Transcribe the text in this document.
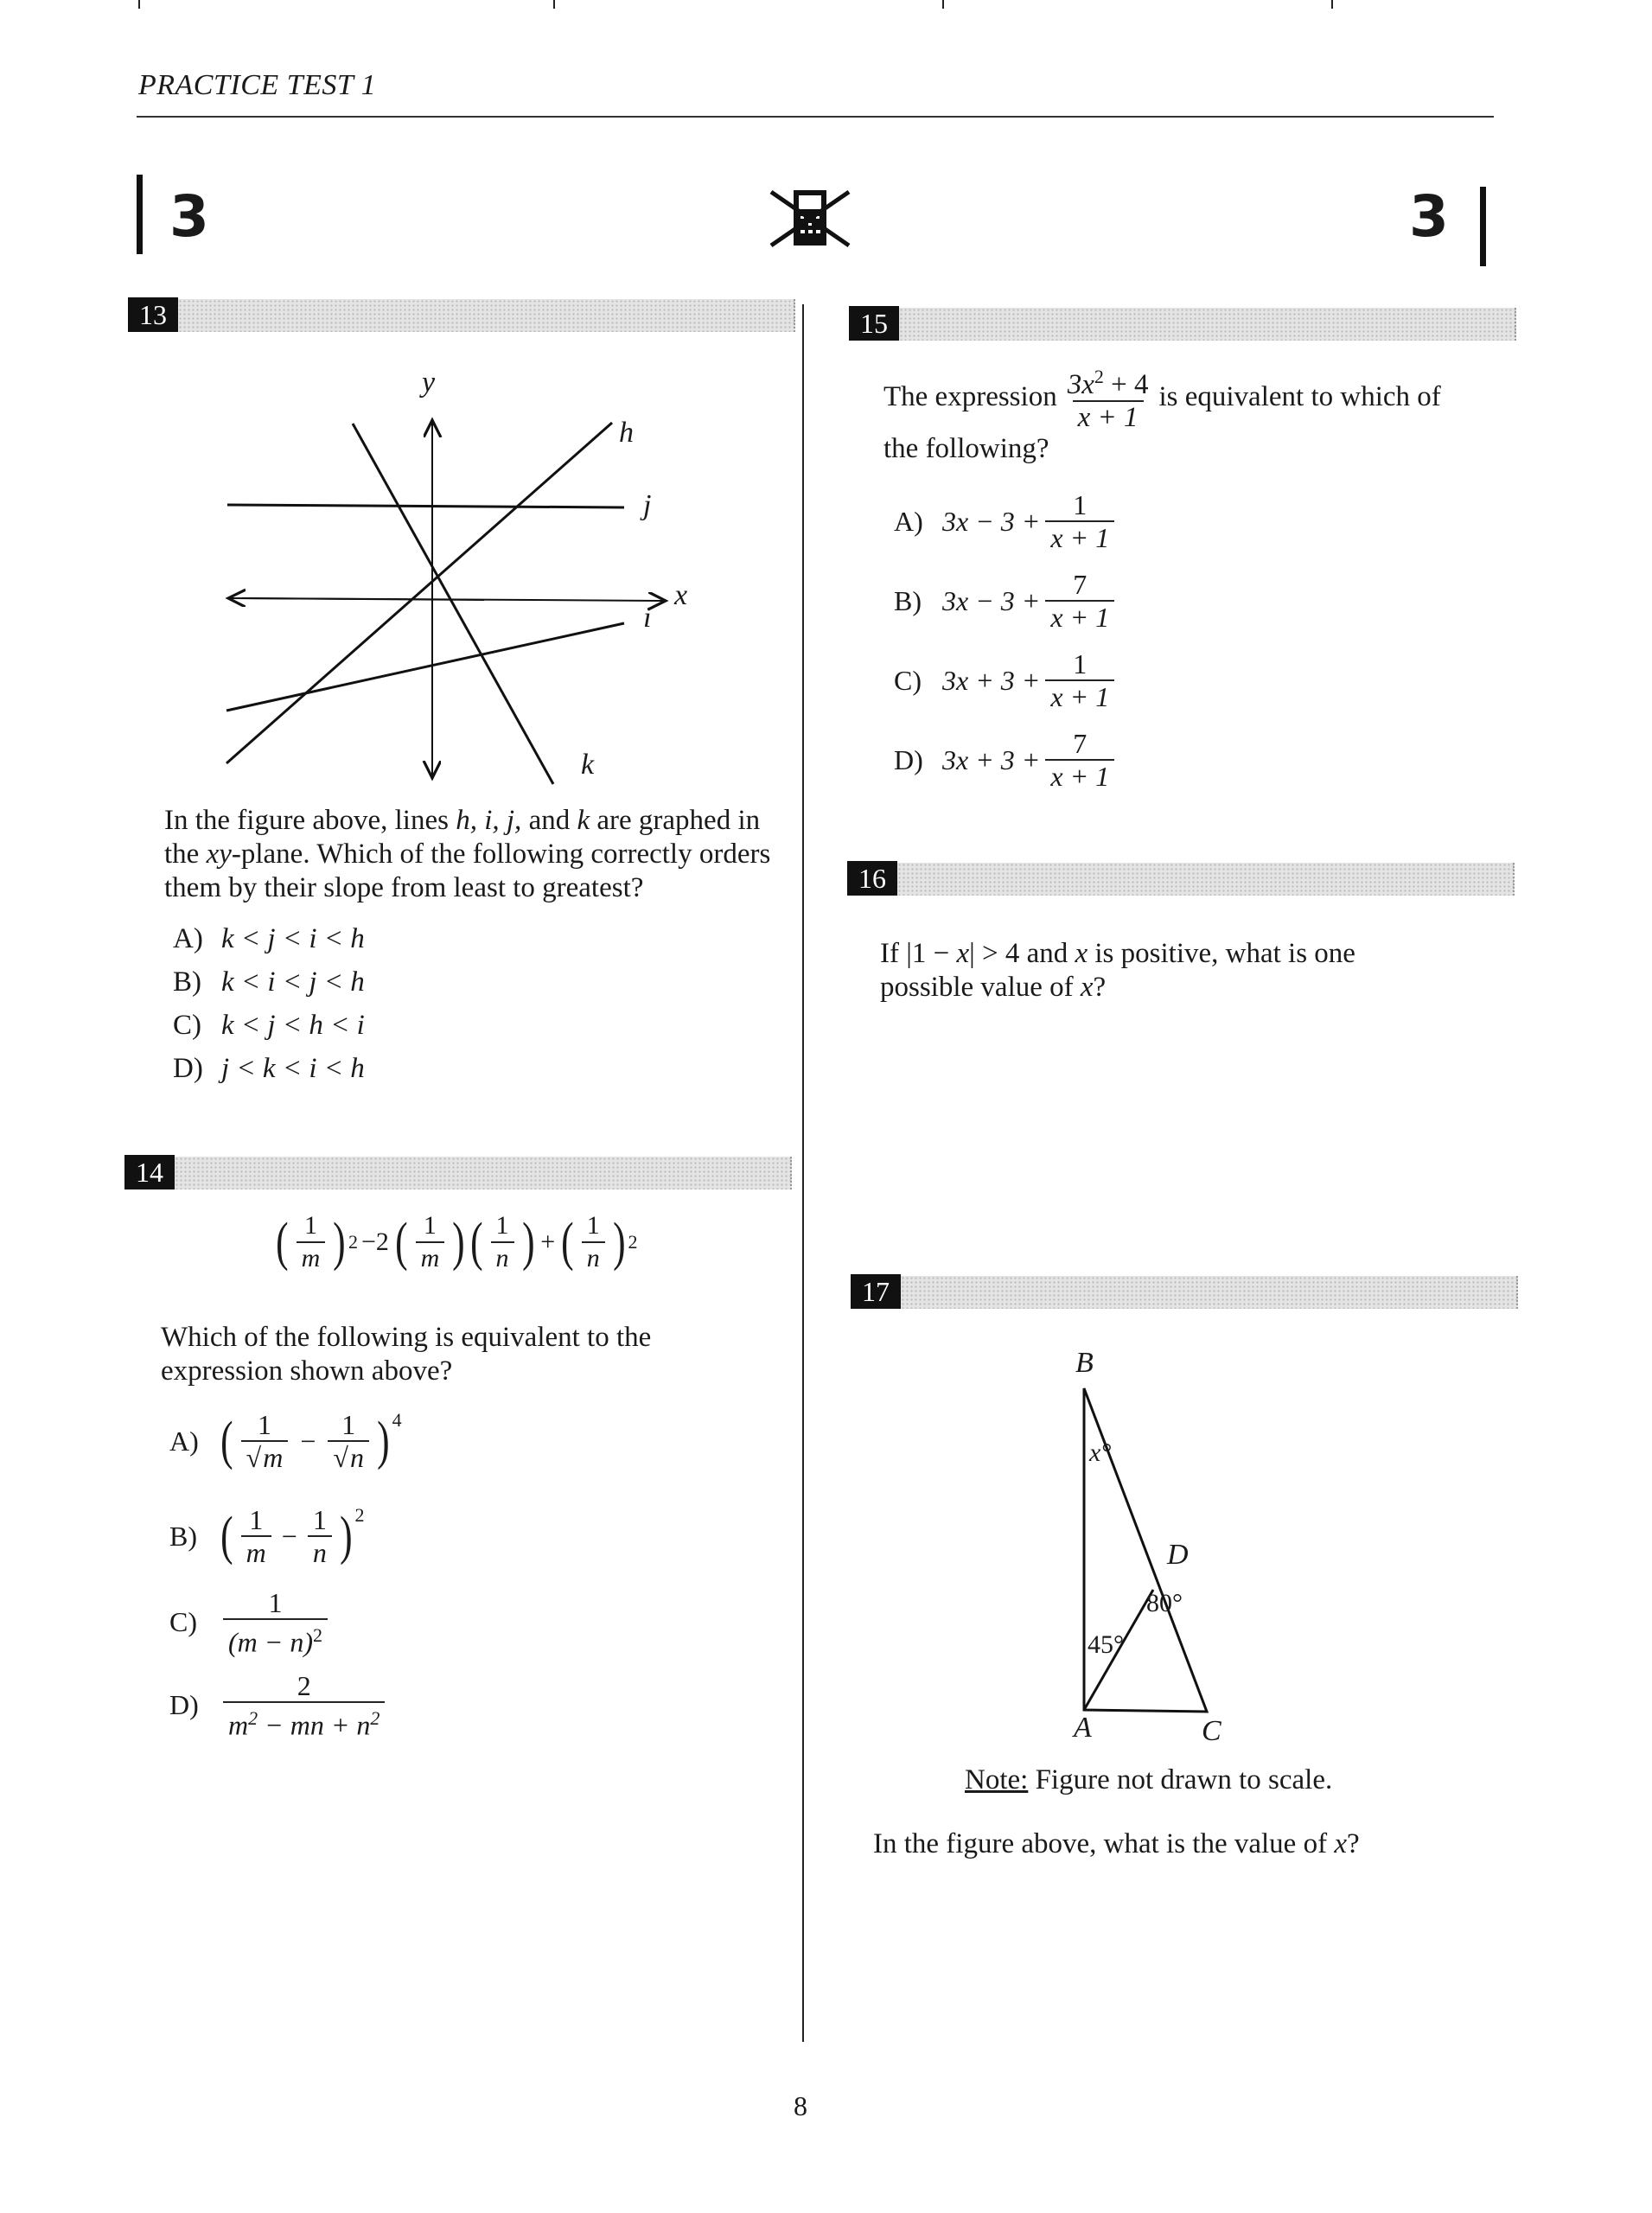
PRACTICE TEST 1
3	3
13
y
x
h
j
i
k
In the figure above, lines h, i, j, and k are graphed in the xy-plane. Which of the following correctly orders them by their slope from least to greatest?
A) k < j < i < h
B) k < i < j < h
C) k < j < h < i
D) j < k < i < h
14
( $\frac{1}{m}$ ) 2 −2 ( $\frac{1}{m}$ ) ( $\frac{1}{n}$ ) + ( $\frac{1}{n}$ ) 2
Which of the following is equivalent to the expression shown above?
A) ( $\frac{1}{√m} - \frac{1}{√n} )^4$
B) ( $\frac{1}{m} - \frac{1}{n} )^2$
$C) \frac{1}{(m - n)^2}$
$D) \frac{2}{m^2 - mn + n^2}$
15
The expression $\frac{3x^2 + 4}{x + 1}$ is equivalent to which of
the following?
A) $3x - 3 + \frac{1}{x + 1}$
B) $3x - 3 + \frac{7}{x + 1}$
C) $3x + 3 + \frac{1}{x + 1}$
D) $3x + 3 + \frac{7}{x + 1}$
16
If |1 − x| > 4 and x is positive, what is one
possible value of x?
17
B
A	C
D
x°
45°
80°
Note: Figure not drawn to scale.
In the figure above, what is the value of x?
8
